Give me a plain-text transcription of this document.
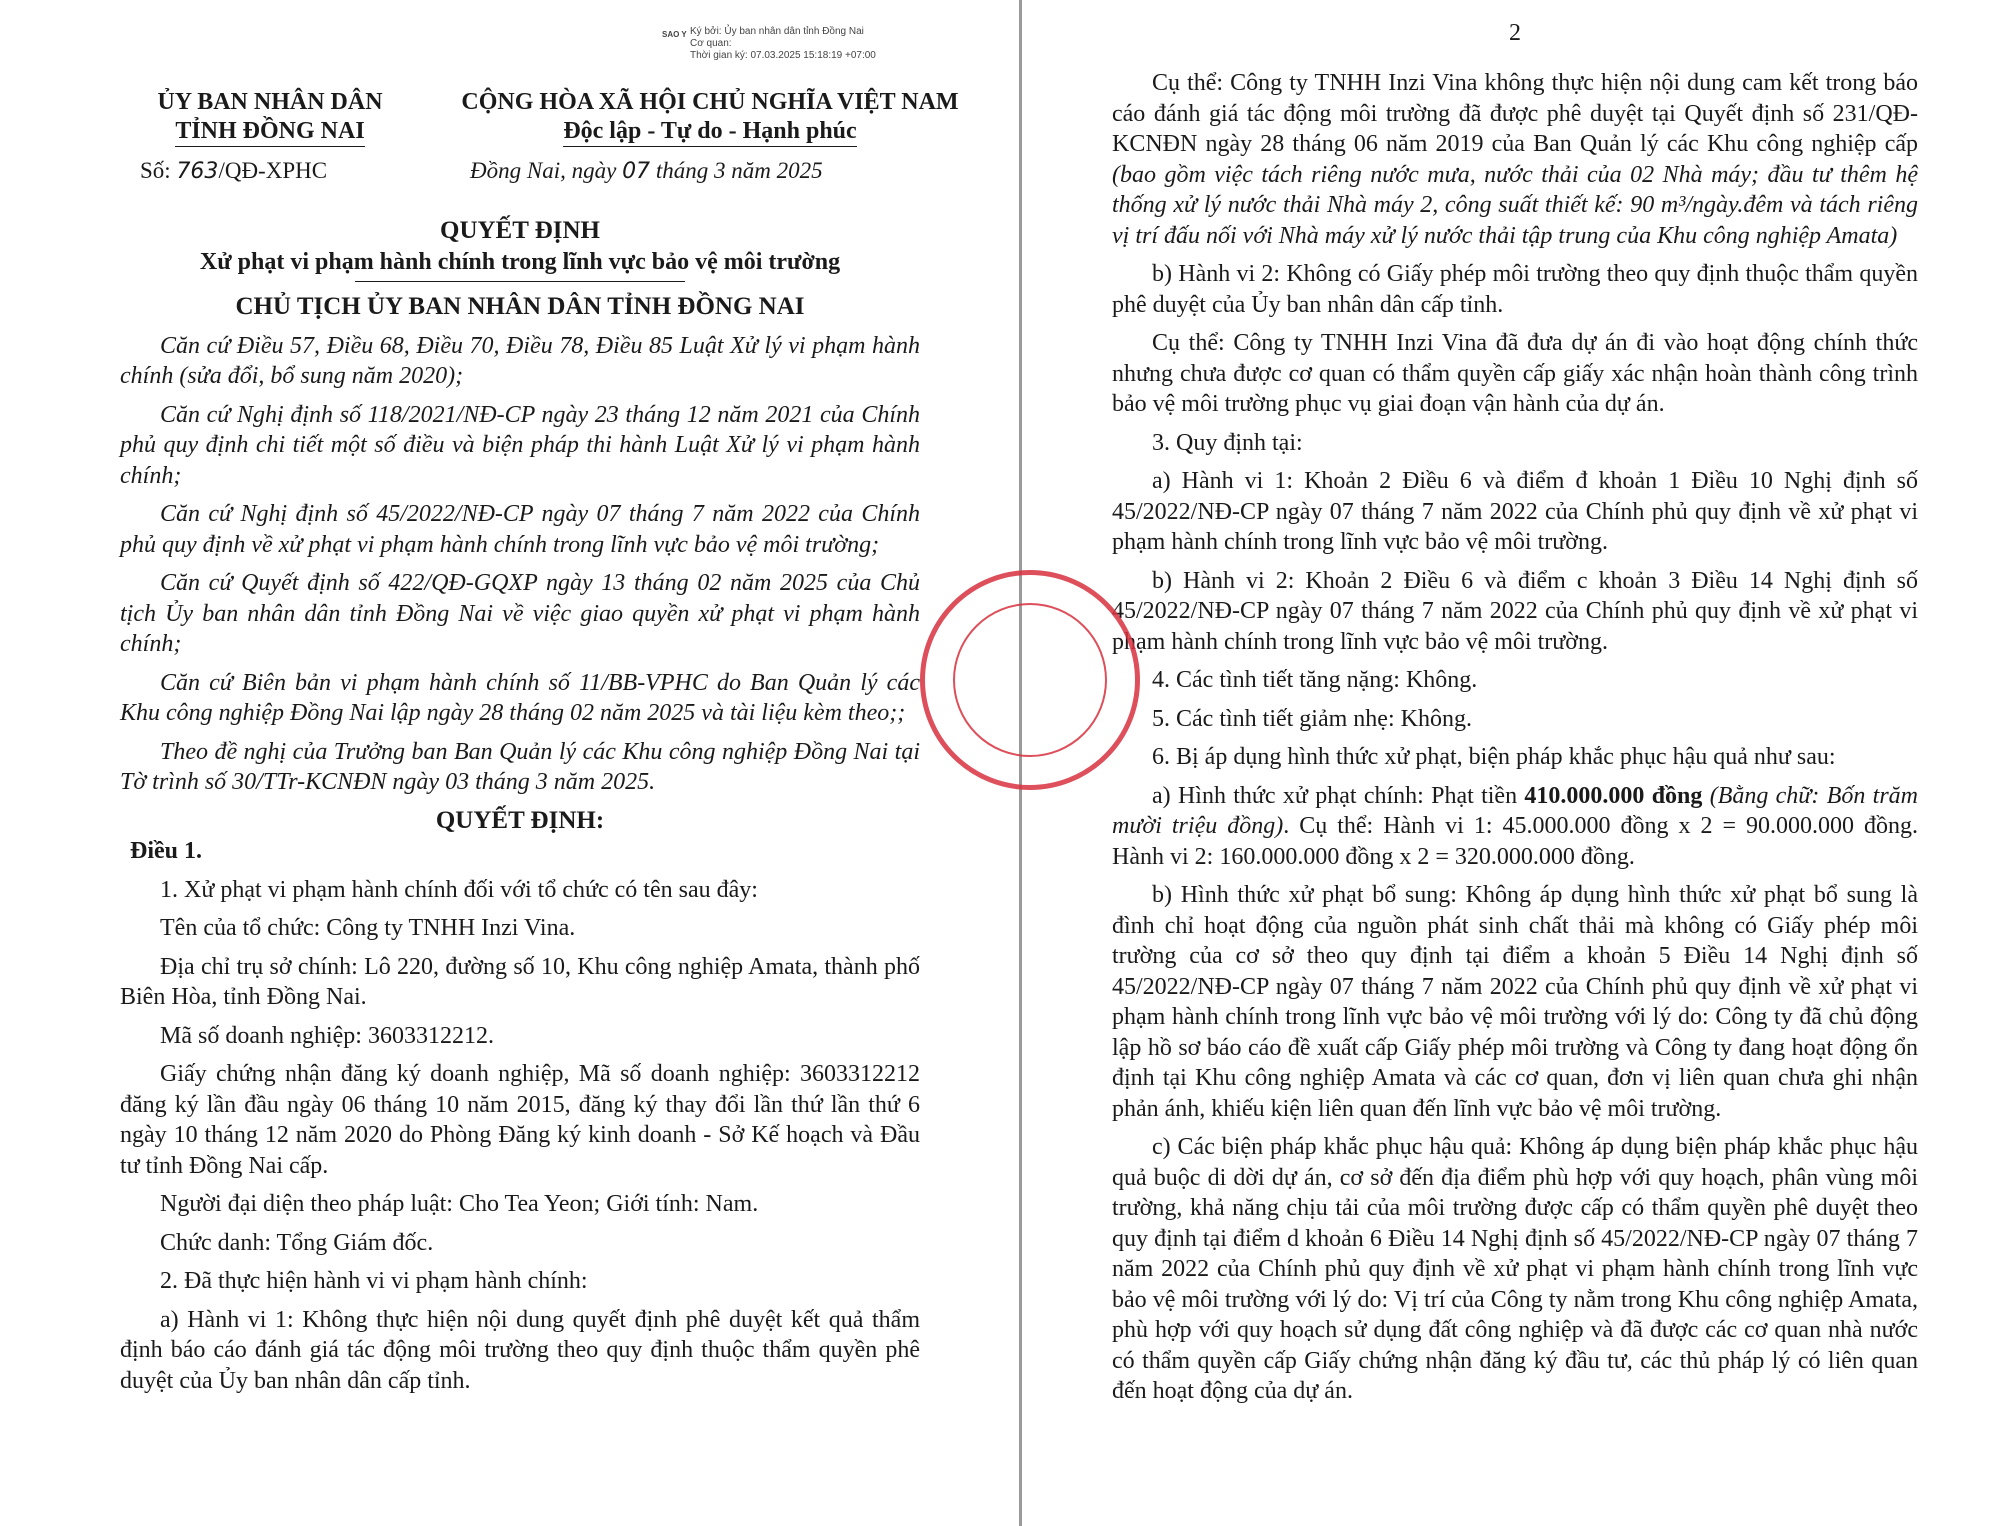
SAO Y Ký bởi: Ủy ban nhân dân tỉnh Đồng Nai
Cơ quan:
Thời gian ký: 07.03.2025 15:18:19 +07:00
ỦY BAN NHÂN DÂN
TỈNH ĐỒNG NAI
CỘNG HÒA XÃ HỘI CHỦ NGHĨA VIỆT NAM
Độc lập - Tự do - Hạnh phúc
Số: 763/QĐ-XPHC	Đồng Nai, ngày 07 tháng 3 năm 2025
QUYẾT ĐỊNH
Xử phạt vi phạm hành chính trong lĩnh vực bảo vệ môi trường
CHỦ TỊCH ỦY BAN NHÂN DÂN TỈNH ĐỒNG NAI

Căn cứ Điều 57, Điều 68, Điều 70, Điều 78, Điều 85 Luật Xử lý vi phạm hành chính (sửa đổi, bổ sung năm 2020);

Căn cứ Nghị định số 118/2021/NĐ-CP ngày 23 tháng 12 năm 2021 của Chính phủ quy định chi tiết một số điều và biện pháp thi hành Luật Xử lý vi phạm hành chính;

Căn cứ Nghị định số 45/2022/NĐ-CP ngày 07 tháng 7 năm 2022 của Chính phủ quy định về xử phạt vi phạm hành chính trong lĩnh vực bảo vệ môi trường;

Căn cứ Quyết định số 422/QĐ-GQXP ngày 13 tháng 02 năm 2025 của Chủ tịch Ủy ban nhân dân tỉnh Đồng Nai về việc giao quyền xử phạt vi phạm hành chính;

Căn cứ Biên bản vi phạm hành chính số 11/BB-VPHC do Ban Quản lý các Khu công nghiệp Đồng Nai lập ngày 28 tháng 02 năm 2025 và tài liệu kèm theo;;

Theo đề nghị của Trưởng ban Ban Quản lý các Khu công nghiệp Đồng Nai tại Tờ trình số 30/TTr-KCNĐN ngày 03 tháng 3 năm 2025.

QUYẾT ĐỊNH:

Điều 1.

1. Xử phạt vi phạm hành chính đối với tổ chức có tên sau đây:

Tên của tổ chức: Công ty TNHH Inzi Vina.

Địa chỉ trụ sở chính: Lô 220, đường số 10, Khu công nghiệp Amata, thành phố Biên Hòa, tỉnh Đồng Nai.

Mã số doanh nghiệp: 3603312212.

Giấy chứng nhận đăng ký doanh nghiệp, Mã số doanh nghiệp: 3603312212 đăng ký lần đầu ngày 06 tháng 10 năm 2015, đăng ký thay đổi lần thứ lần thứ 6 ngày 10 tháng 12 năm 2020 do Phòng Đăng ký kinh doanh - Sở Kế hoạch và Đầu tư tỉnh Đồng Nai cấp.

Người đại diện theo pháp luật: Cho Tea Yeon; Giới tính: Nam.

Chức danh: Tổng Giám đốc.

2. Đã thực hiện hành vi vi phạm hành chính:

a) Hành vi 1: Không thực hiện nội dung quyết định phê duyệt kết quả thẩm định báo cáo đánh giá tác động môi trường theo quy định thuộc thẩm quyền phê duyệt của Ủy ban nhân dân cấp tỉnh.

2

Cụ thể: Công ty TNHH Inzi Vina không thực hiện nội dung cam kết trong báo cáo đánh giá tác động môi trường đã được phê duyệt tại Quyết định số 231/QĐ-KCNĐN ngày 28 tháng 06 năm 2019 của Ban Quản lý các Khu công nghiệp cấp (bao gồm việc tách riêng nước mưa, nước thải của 02 Nhà máy; đầu tư thêm hệ thống xử lý nước thải Nhà máy 2, công suất thiết kế: 90 m³/ngày.đêm và tách riêng vị trí đấu nối với Nhà máy xử lý nước thải tập trung của Khu công nghiệp Amata)

b) Hành vi 2: Không có Giấy phép môi trường theo quy định thuộc thẩm quyền phê duyệt của Ủy ban nhân dân cấp tỉnh.

Cụ thể: Công ty TNHH Inzi Vina đã đưa dự án đi vào hoạt động chính thức nhưng chưa được cơ quan có thẩm quyền cấp giấy xác nhận hoàn thành công trình bảo vệ môi trường phục vụ giai đoạn vận hành của dự án.

3. Quy định tại:

a) Hành vi 1: Khoản 2 Điều 6 và điểm đ khoản 1 Điều 10 Nghị định số 45/2022/NĐ-CP ngày 07 tháng 7 năm 2022 của Chính phủ quy định về xử phạt vi phạm hành chính trong lĩnh vực bảo vệ môi trường.

b) Hành vi 2: Khoản 2 Điều 6 và điểm c khoản 3 Điều 14 Nghị định số 45/2022/NĐ-CP ngày 07 tháng 7 năm 2022 của Chính phủ quy định về xử phạt vi phạm hành chính trong lĩnh vực bảo vệ môi trường.

4. Các tình tiết tăng nặng: Không.

5. Các tình tiết giảm nhẹ: Không.

6. Bị áp dụng hình thức xử phạt, biện pháp khắc phục hậu quả như sau:

a) Hình thức xử phạt chính: Phạt tiền 410.000.000 đồng (Bằng chữ: Bốn trăm mười triệu đồng). Cụ thể: Hành vi 1: 45.000.000 đồng x 2 = 90.000.000 đồng. Hành vi 2: 160.000.000 đồng x 2 = 320.000.000 đồng.

b) Hình thức xử phạt bổ sung: Không áp dụng hình thức xử phạt bổ sung là đình chỉ hoạt động của nguồn phát sinh chất thải mà không có Giấy phép môi trường của cơ sở theo quy định tại điểm a khoản 5 Điều 14 Nghị định số 45/2022/NĐ-CP ngày 07 tháng 7 năm 2022 của Chính phủ quy định về xử phạt vi phạm hành chính trong lĩnh vực bảo vệ môi trường với lý do: Công ty đã chủ động lập hồ sơ báo cáo đề xuất cấp Giấy phép môi trường và Công ty đang hoạt động ổn định tại Khu công nghiệp Amata và các cơ quan, đơn vị liên quan chưa ghi nhận phản ánh, khiếu kiện liên quan đến lĩnh vực bảo vệ môi trường.

c) Các biện pháp khắc phục hậu quả: Không áp dụng biện pháp khắc phục hậu quả buộc di dời dự án, cơ sở đến địa điểm phù hợp với quy hoạch, phân vùng môi trường, khả năng chịu tải của môi trường được cấp có thẩm quyền phê duyệt theo quy định tại điểm d khoản 6 Điều 14 Nghị định số 45/2022/NĐ-CP ngày 07 tháng 7 năm 2022 của Chính phủ quy định về xử phạt vi phạm hành chính trong lĩnh vực bảo vệ môi trường với lý do: Vị trí của Công ty nằm trong Khu công nghiệp Amata, phù hợp với quy hoạch sử dụng đất công nghiệp và đã được các cơ quan nhà nước có thẩm quyền cấp Giấy chứng nhận đăng ký đầu tư, các thủ pháp lý có liên quan đến hoạt động của dự án.
